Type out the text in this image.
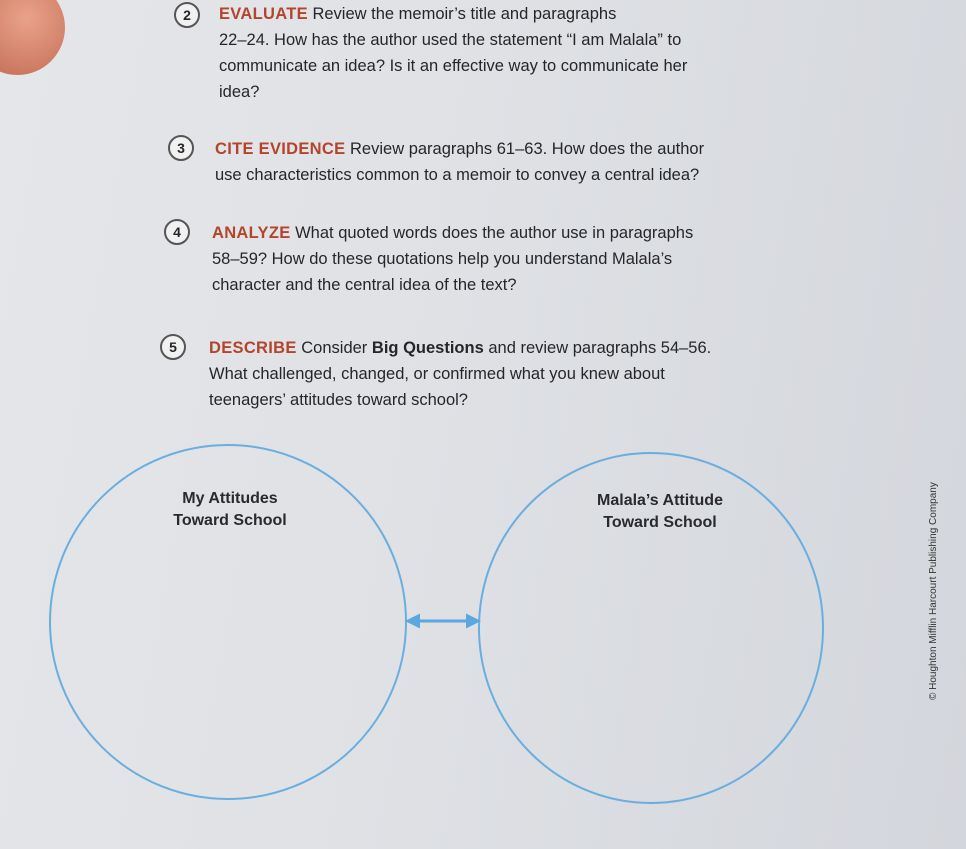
2	EVALUATE Review the memoir’s title and paragraphs
22–24. How has the author used the statement “I am Malala” to
communicate an idea? Is it an effective way to communicate her
idea?
3	CITE EVIDENCE Review paragraphs 61–63. How does the author
use characteristics common to a memoir to convey a central idea?
4	ANALYZE What quoted words does the author use in paragraphs
58–59? How do these quotations help you understand Malala’s
character and the central idea of the text?
5	DESCRIBE Consider Big Questions and review paragraphs 54–56.
What challenged, changed, or confirmed what you knew about
teenagers’ attitudes toward school?
My Attitudes
Toward School
Malala’s Attitude
Toward School	© Houghton Mifflin Harcourt Publishing Company
